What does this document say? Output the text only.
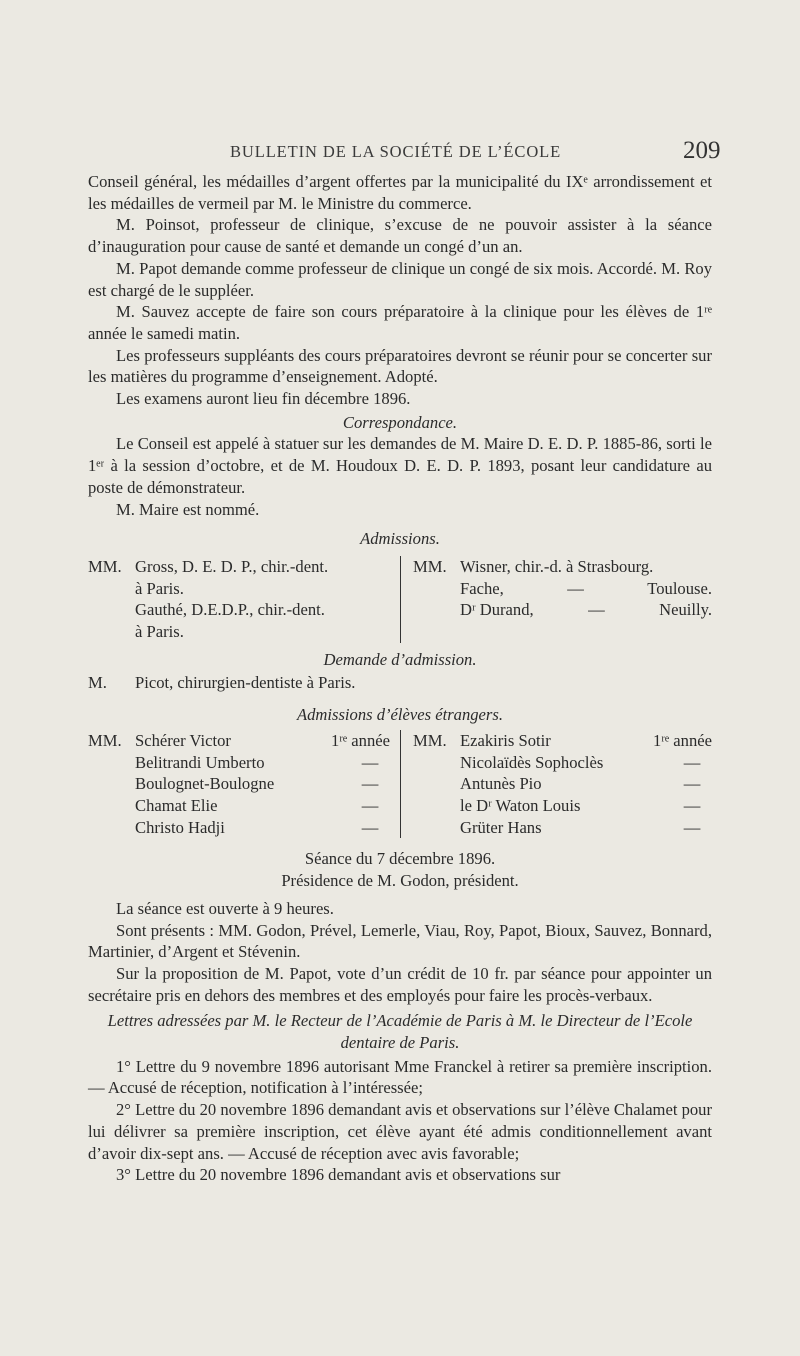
BULLETIN DE LA SOCIÉTÉ DE L’ÉCOLE	209

Conseil général, les médailles d’argent offertes par la municipalité du IXᵉ arrondissement et les médailles de vermeil par M. le Ministre du commerce.

M. Poinsot, professeur de clinique, s’excuse de ne pouvoir assister à la séance d’inauguration pour cause de santé et demande un congé d’un an.

M. Papot demande comme professeur de clinique un congé de six mois. Accordé. M. Roy est chargé de le suppléer.

M. Sauvez accepte de faire son cours préparatoire à la clinique pour les élèves de 1ʳᵉ année le samedi matin.

Les professeurs suppléants des cours préparatoires devront se réunir pour se concerter sur les matières du programme d’enseignement. Adopté.

Les examens auront lieu fin décembre 1896.

Correspondance.

Le Conseil est appelé à statuer sur les demandes de M. Maire D. E. D. P. 1885-86, sorti le 1ᵉʳ à la session d’octobre, et de M. Houdoux D. E. D. P. 1893, posant leur candidature au poste de démonstrateur.

M. Maire est nommé.

Admissions.

MM. Gross, D. E. D. P., chir.-dent.
à Paris.
Gauthé, D.E.D.P., chir.-dent.
à Paris.
MM. Wisner, chir.-d. à Strasbourg.
Fache,	—	Toulouse.
Dʳ Durand,	—	Neuilly.

Demande d’admission.

M.	Picot, chirurgien-dentiste à Paris.

Admissions d’élèves étrangers.

MM. Schérer Victor	1ʳᵉ année
Belitrandi Umberto	—
Boulognet-Boulogne	—
Chamat Elie	—
Christo Hadji	—
MM. Ezakiris Sotir	1ʳᵉ année
Nicolaïdès Sophoclès	—
Antunès Pio	—
le Dʳ Waton Louis	—
Grüter Hans	—

Séance du 7 décembre 1896.

Présidence de M. Godon, président.

La séance est ouverte à 9 heures.

Sont présents : MM. Godon, Prével, Lemerle, Viau, Roy, Papot, Bioux, Sauvez, Bonnard, Martinier, d’Argent et Stévenin.

Sur la proposition de M. Papot, vote d’un crédit de 10 fr. par séance pour appointer un secrétaire pris en dehors des membres et des employés pour faire les procès-verbaux.

Lettres adressées par M. le Recteur de l’Académie de Paris à M. le Directeur de l’Ecole dentaire de Paris.

1° Lettre du 9 novembre 1896 autorisant Mme Franckel à retirer sa première inscription. — Accusé de réception, notification à l’intéressée;

2° Lettre du 20 novembre 1896 demandant avis et observations sur l’élève Chalamet pour lui délivrer sa première inscription, cet élève ayant été admis conditionnellement avant d’avoir dix-sept ans. — Accusé de réception avec avis favorable;

3° Lettre du 20 novembre 1896 demandant avis et observations sur
